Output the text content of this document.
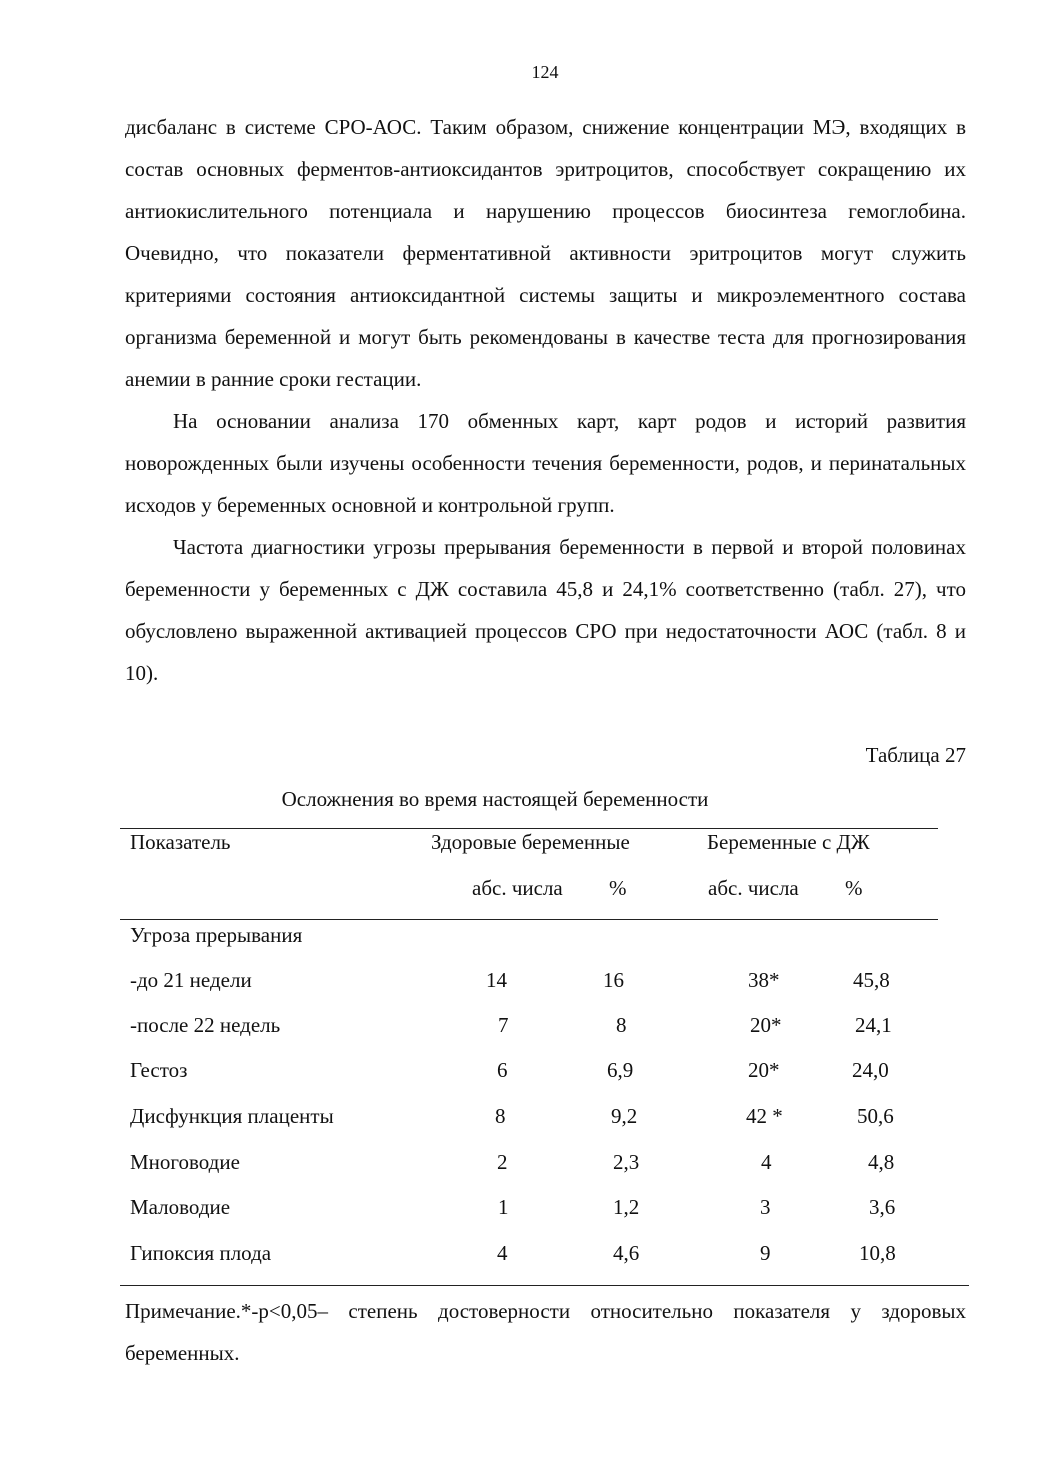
124

дисбаланс в системе СРО-АОС. Таким образом, снижение концентрации МЭ, входящих в состав основных ферментов-антиоксидантов эритроцитов, способствует сокращению их антиокислительного потенциала и нарушению процессов биосинтеза гемоглобина. Очевидно, что показатели ферментативной активности эритроцитов могут служить критериями состояния антиоксидантной системы защиты и микроэлементного состава организма беременной и могут быть рекомендованы в качестве теста для прогнозирования анемии в ранние сроки гестации.

На основании анализа 170 обменных карт, карт родов и историй развития новорожденных были изучены особенности течения беременности, родов, и перинатальных исходов у беременных основной и контрольной групп.

Частота диагностики угрозы прерывания беременности в первой и второй половинах беременности у беременных с ДЖ составила 45,8 и 24,1% соответственно (табл. 27), что обусловлено выраженной активацией процессов СРО при недостаточности АОС (табл. 8 и 10).

Таблица 27
Осложнения во время настоящей беременности
Показатель	Здоровые беременные	Беременные с ДЖ
абс. числа %	абс. числа %
Угроза прерывания
-до 21 недели	14	16	38*	45,8
-после 22 недель	7	8	20*	24,1
Гестоз	6	6,9	20*	24,0
Дисфункция плаценты	8	9,2	42 *	50,6
Многоводие	2	2,3	4	4,8
Маловодие	1	1,2	3	3,6
Гипоксия плода	4	4,6	9	10,8

Примечание.*-p<0,05– степень достоверности относительно показателя у здоровых беременных.
